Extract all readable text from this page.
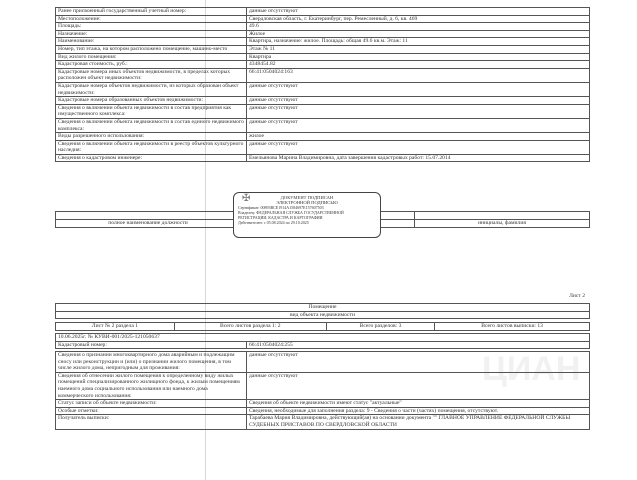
ЦИАН
Ранее присвоенный государственный учетный номер:	данные отсутствуют
Местоположение:	Свердловская область, г. Екатеринбург, пер. Ремесленный, д. 6, кв. 469
Площадь:	49.6
Назначение:	Жилое
Наименование:	Квартира, назначение: жилое. Площадь: общая 49.6 кв.м. Этаж: 11
Номер, тип этажа, на котором расположено помещение, машино-место	Этаж № 11
Вид жилого помещения:	Квартира
Кадастровая стоимость, руб.:	4348454.82
Кадастровые номера иных объектов недвижимости, в пределах которых расположен объект недвижимости:	66:41:0504024:163
Кадастровые номера объектов недвижимости, из которых образован объект недвижимости:	данные отсутствуют
Кадастровые номера образованных объектов недвижимости:	данные отсутствуют
Сведения о включении объекта недвижимости в состав предприятия как имущественного комплекса:	данные отсутствуют
Сведения о включении объекта недвижимости в состав единого недвижимого комплекса:	данные отсутствуют
Виды разрешенного использования:	жилое
Сведения о включении объекта недвижимости в реестр объектов культурного наследия:	данные отсутствуют
Сведения о кадастровом инженере:	Емельянова Марина Владимировна, дата завершения кадастровых работ: 15.07.2014

полное наименование должности		инициалы, фамилия
✠	ДОКУМЕНТ ПОДПИСАН
ЭЛЕКТРОННОЙ ПОДПИСЬЮ
Сертификат: 00893BCE1914A1584697E157607503
Владелец: ФЕДЕРАЛЬНАЯ СЛУЖБА ГОСУДАРСТВЕННОЙ
РЕГИСТРАЦИИ, КАДАСТРА И КАРТОГРАФИИ
Действителен: с 05.08.2024 по 29.10.2025
Лист 2
Помещение
вид объекта недвижимости
Лист № 2 раздела 1	Всего листов раздела 1: 2	Всего разделов: 3	Всего листов выписки: 13
10.06.2025г. № КУВИ-001/2025-121050637
Кадастровый номер:	66:41:0504024:255
Сведения о признании многоквартирного дома аварийным и подлежащим сносу или реконструкции и (или) о признании жилого помещения, в том числе жилого дома, непригодным для проживания:	данные отсутствуют
Сведения об отнесении жилого помещения к определенному виду жилых помещений специализированного жилищного фонда, к жилым помещениям наемного дома социального использования или наемного дома коммерческого использования:	данные отсутствуют
Статус записи об объекте недвижимости:	Сведения об объекте недвижимости имеют статус "актуальные"
Особые отметки:	Сведения, необходимые для заполнения раздела: 9 - Сведения о части (частях) помещения, отсутствуют.
Получатель выписки:	Тарабаева Мария Владимировна, действующий(ая) на основании документа "" ГЛАВНОЕ УПРАВЛЕНИЕ ФЕДЕРАЛЬНОЙ СЛУЖБЫ СУДЕБНЫХ ПРИСТАВОВ ПО СВЕРДЛОВСКОЙ ОБЛАСТИ
